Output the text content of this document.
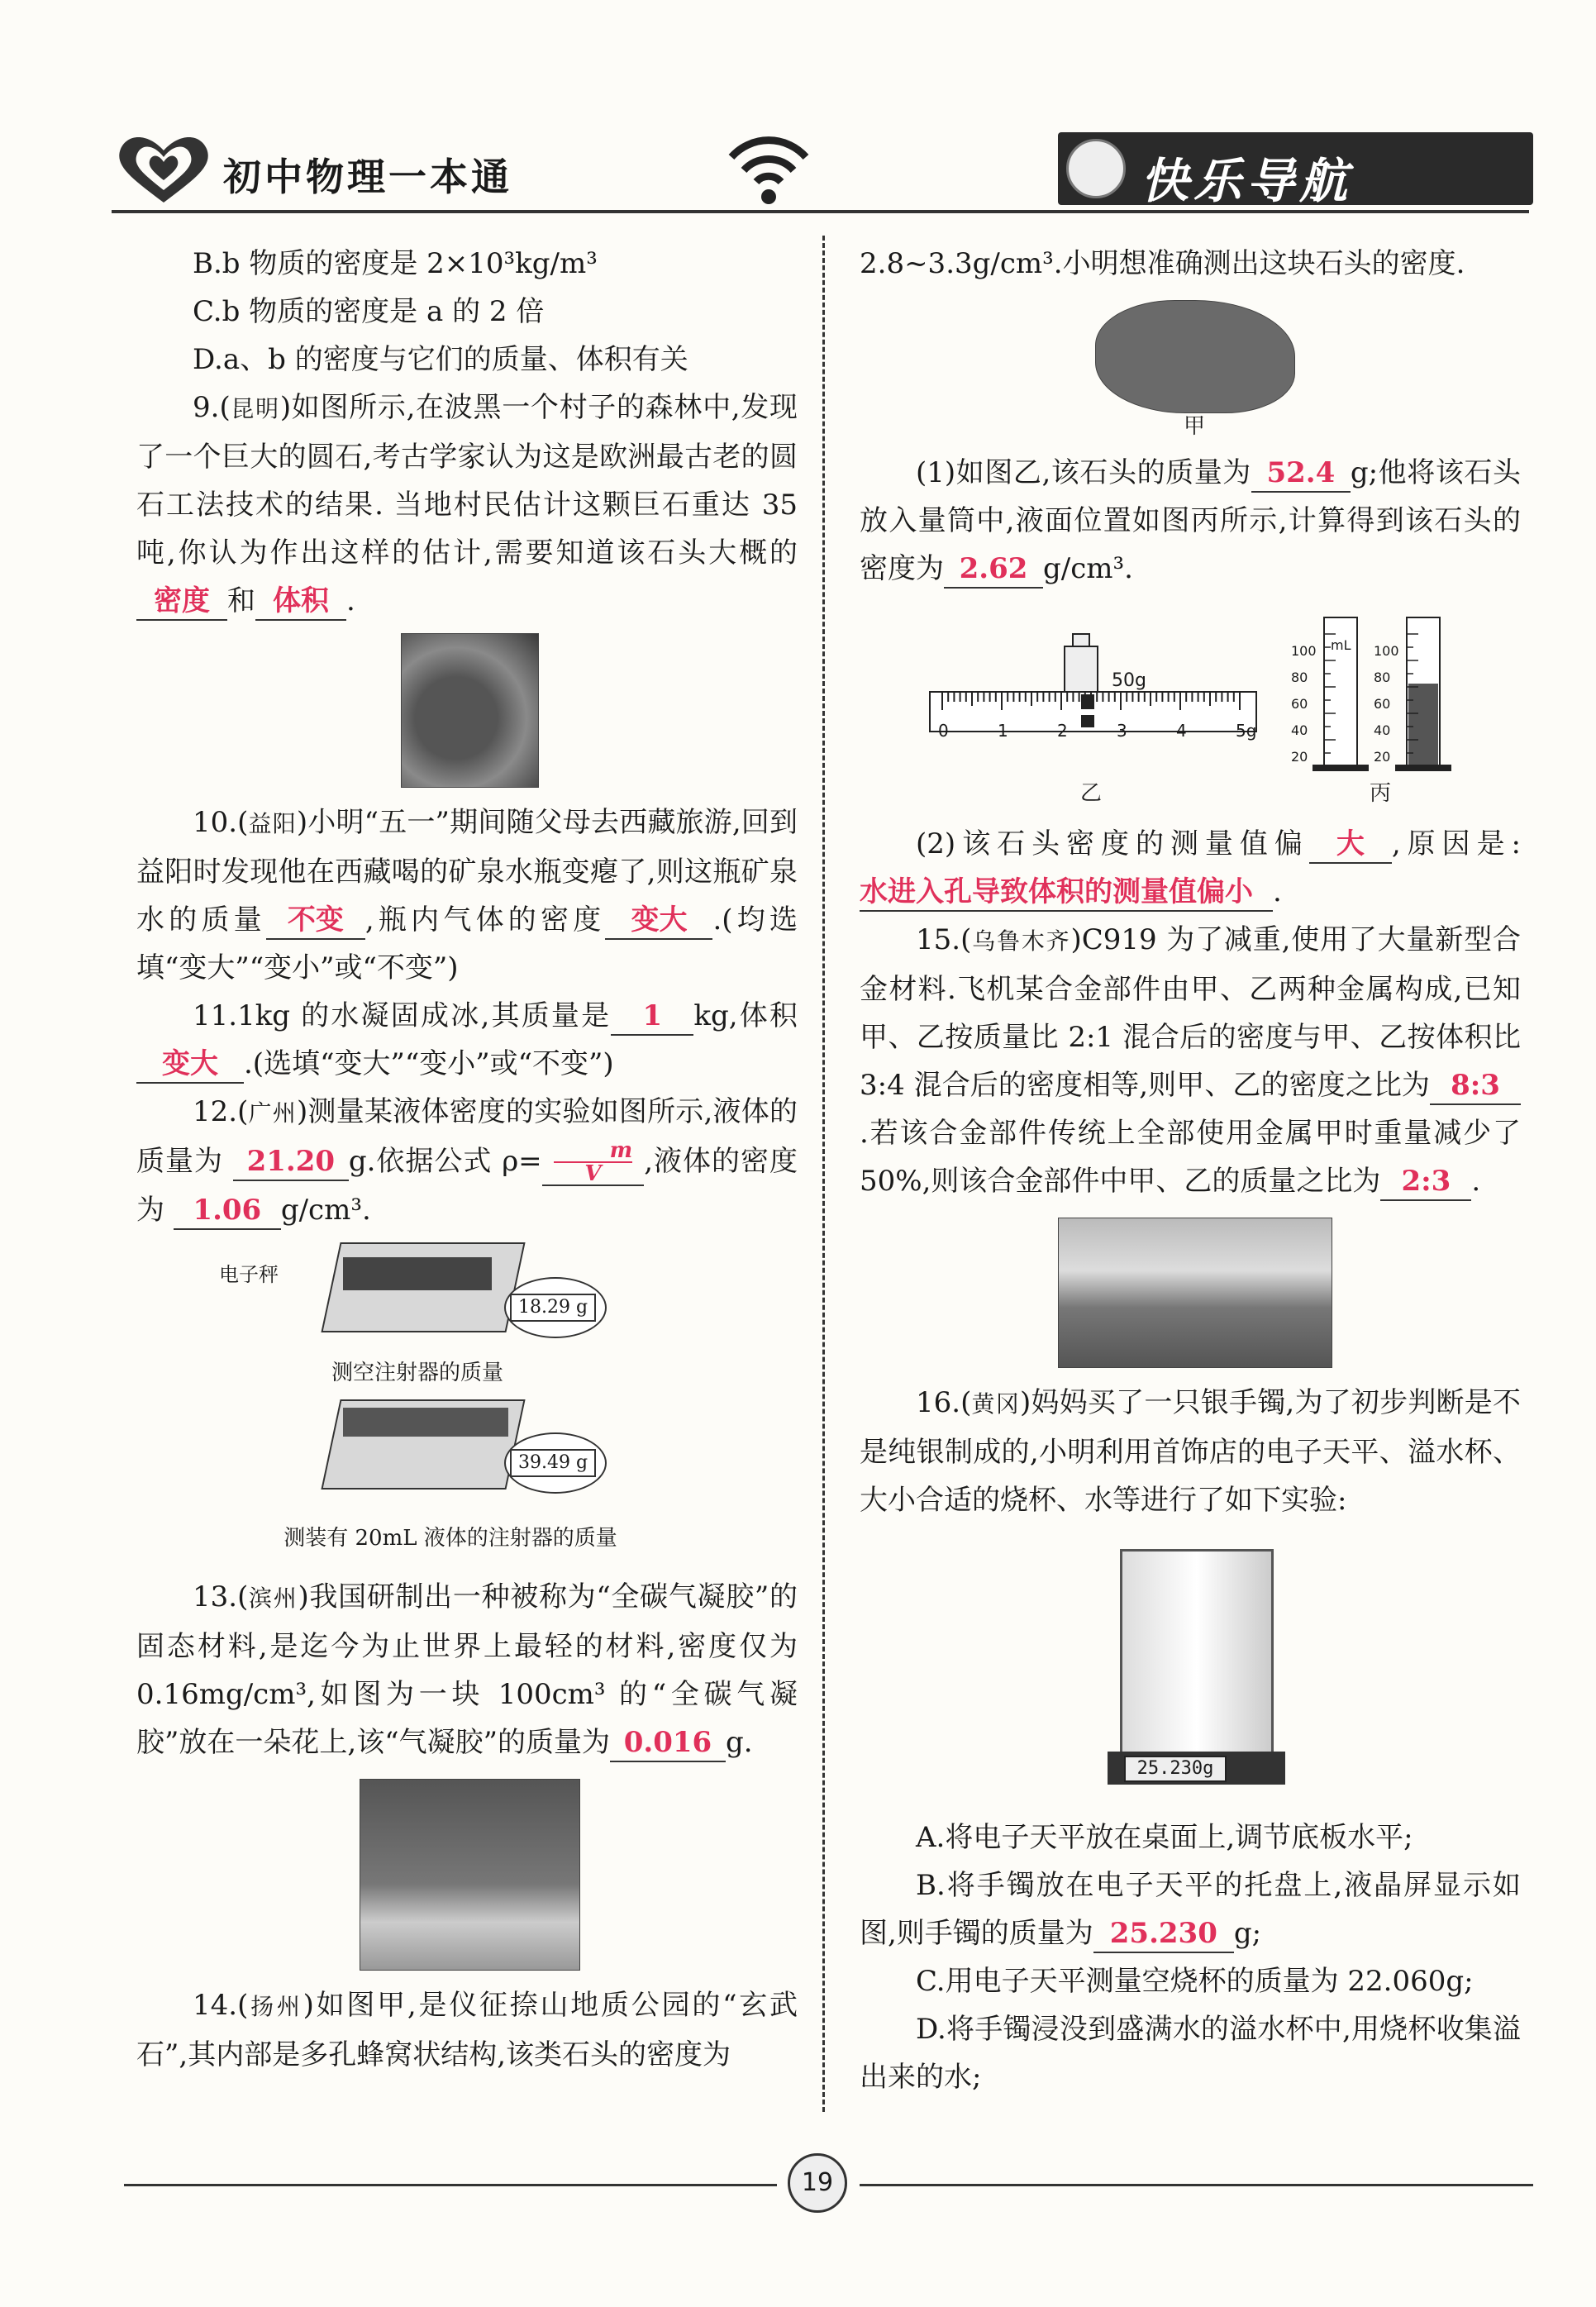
初中物理一本通	快乐导航

B.b 物质的密度是 2×10³kg/m³

C.b 物质的密度是 a 的 2 倍

D.a、b 的密度与它们的质量、体积有关

9.(昆明)如图所示,在波黑一个村子的森林中,发现了一个巨大的圆石,考古学家认为这是欧洲最古老的圆石工法技术的结果. 当地村民估计这颗巨石重达 35 吨,你认为作出这样的估计,需要知道该石头大概的密度 和 体积 .

10.(益阳)小明“五一”期间随父母去西藏旅游,回到益阳时发现他在西藏喝的矿泉水瓶变瘪了,则这瓶矿泉水的质量 不变 ,瓶内气体的密度 变大 .(均选填“变大”“变小”或“不变”)

11.1kg 的水凝固成冰,其质量是 1 kg,体积 变大 .(选填“变大”“变小”或“不变”)

12.(广州)测量某液体密度的实验如图所示,液体的质量为 21.20 g.依据公式 $\rho= \frac{m}{V}$,液体的密度为 1.06 g/cm³.

电子秤
18.29 g
测空注射器的质量
39.49 g
测装有 20mL 液体的注射器的质量

13.(滨州)我国研制出一种被称为“全碳气凝胶”的固态材料,是迄今为止世界上最轻的材料,密度仅为 0.16mg/cm³,如图为一块 100cm³ 的“全碳气凝胶”放在一朵花上,该“气凝胶”的质量为 0.016 g.

14.(扬州)如图甲,是仪征捺山地质公园的“玄武石”,其内部是多孔蜂窝状结构,该类石头的密度为

2.8~3.3g/cm³.小明想准确测出这块石头的密度.

甲

(1)如图乙,该石头的质量为 52.4 g;他将该石头放入量筒中,液面位置如图丙所示,计算得到该石头的密度为 2.62 g/cm³.

50g
0	1	2	3	4	5g
100
80
60
40
20
100
80
60
40
20
mL	mL
乙	丙

(2)该石头密度的测量值偏 大 ,原因是: 水进入孔导致体积的测量值偏小 .

15.(乌鲁木齐)C919 为了减重,使用了大量新型合金材料.飞机某合金部件由甲、乙两种金属构成,已知甲、乙按质量比 2:1 混合后的密度与甲、乙按体积比 3:4 混合后的密度相等,则甲、乙的密度之比为 8:3.若该合金部件传统上全部使用金属甲时重量减少了 50%,则该合金部件中甲、乙的质量之比为 2:3 .

16.(黄冈)妈妈买了一只银手镯,为了初步判断是不是纯银制成的,小明利用首饰店的电子天平、溢水杯、大小合适的烧杯、水等进行了如下实验:

25.230g

A.将电子天平放在桌面上,调节底板水平;

B.将手镯放在电子天平的托盘上,液晶屏显示如图,则手镯的质量为 25.230 g;

C.用电子天平测量空烧杯的质量为 22.060g;

D.将手镯浸没到盛满水的溢水杯中,用烧杯收集溢出来的水;

19
